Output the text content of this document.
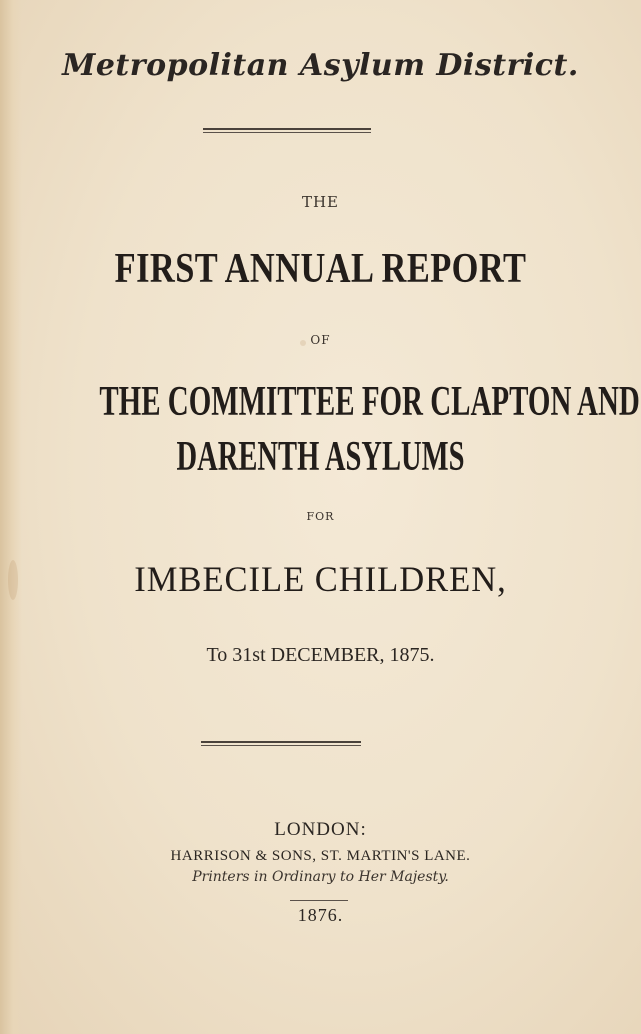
Metropolitan Asylum District.
THE
FIRST ANNUAL REPORT
OF
THE COMMITTEE FOR CLAPTON AND
DARENTH ASYLUMS
FOR
IMBECILE CHILDREN,
To 31st DECEMBER, 1875.
LONDON:
HARRISON & SONS, ST. MARTIN'S LANE.
Printers in Ordinary to Her Majesty.
1876.
